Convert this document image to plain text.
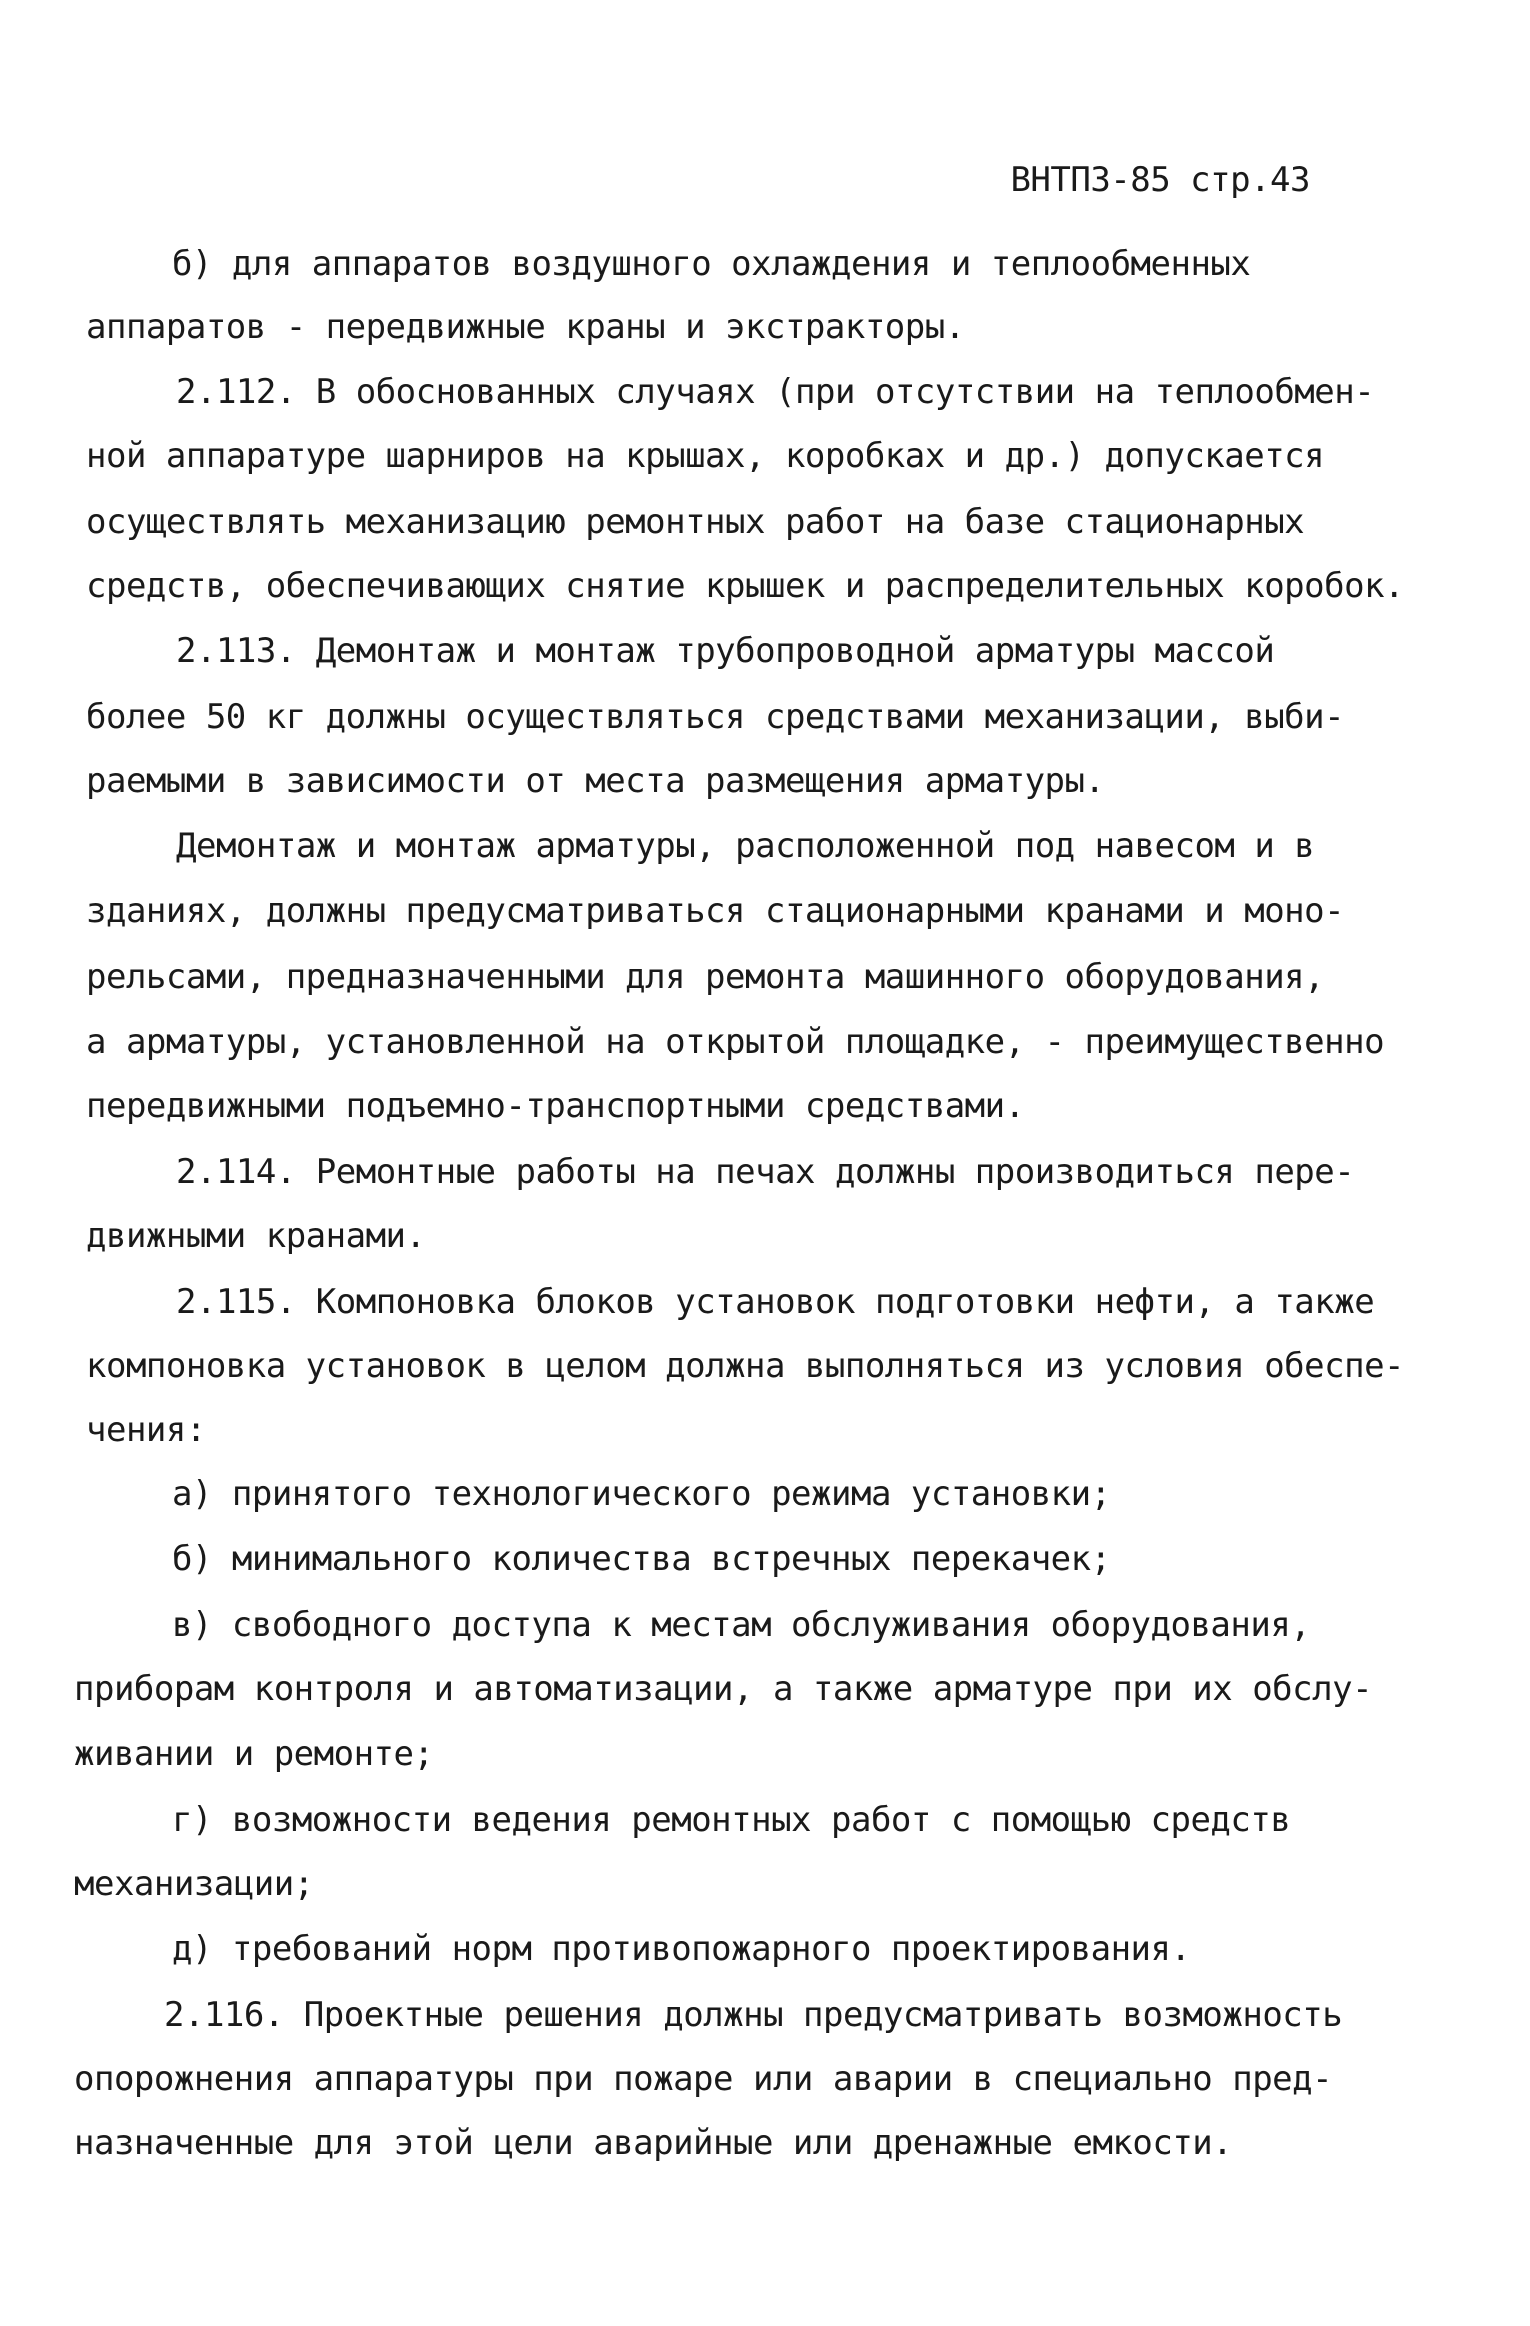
ВНТПЗ-85 стр.43
б) для аппаратов воздушного охлаждения и теплообменных
аппаратов - передвижные краны и экстракторы.
2.112. В обоснованных случаях (при отсутствии на теплообмен-
ной аппаратуре шарниров на крышах, коробках и др.) допускается
осуществлять механизацию ремонтных работ на базе стационарных
средств, обеспечивающих снятие крышек и распределительных коробок.
2.113. Демонтаж и монтаж трубопроводной арматуры массой
более 50 кг должны осуществляться средствами механизации, выби-
раемыми в зависимости от места размещения арматуры.
Демонтаж и монтаж арматуры, расположенной под навесом и в
зданиях, должны предусматриваться стационарными кранами и моно-
рельсами, предназначенными для ремонта машинного оборудования,
а арматуры, установленной на открытой площадке, - преимущественно
передвижными подъемно-транспортными средствами.
2.114. Ремонтные работы на печах должны производиться пере-
движными кранами.
2.115. Компоновка блоков установок подготовки нефти, а также
компоновка установок в целом должна выполняться из условия обеспе-
чения:
а) принятого технологического режима установки;
б) минимального количества встречных перекачек;
в) свободного доступа к местам обслуживания оборудования,
приборам контроля и автоматизации, а также арматуре при их обслу-
живании и ремонте;
г) возможности ведения ремонтных работ с помощью средств
механизации;
д) требований норм противопожарного проектирования.
2.116. Проектные решения должны предусматривать возможность
опорожнения аппаратуры при пожаре или аварии в специально пред-
назначенные для этой цели аварийные или дренажные емкости.
